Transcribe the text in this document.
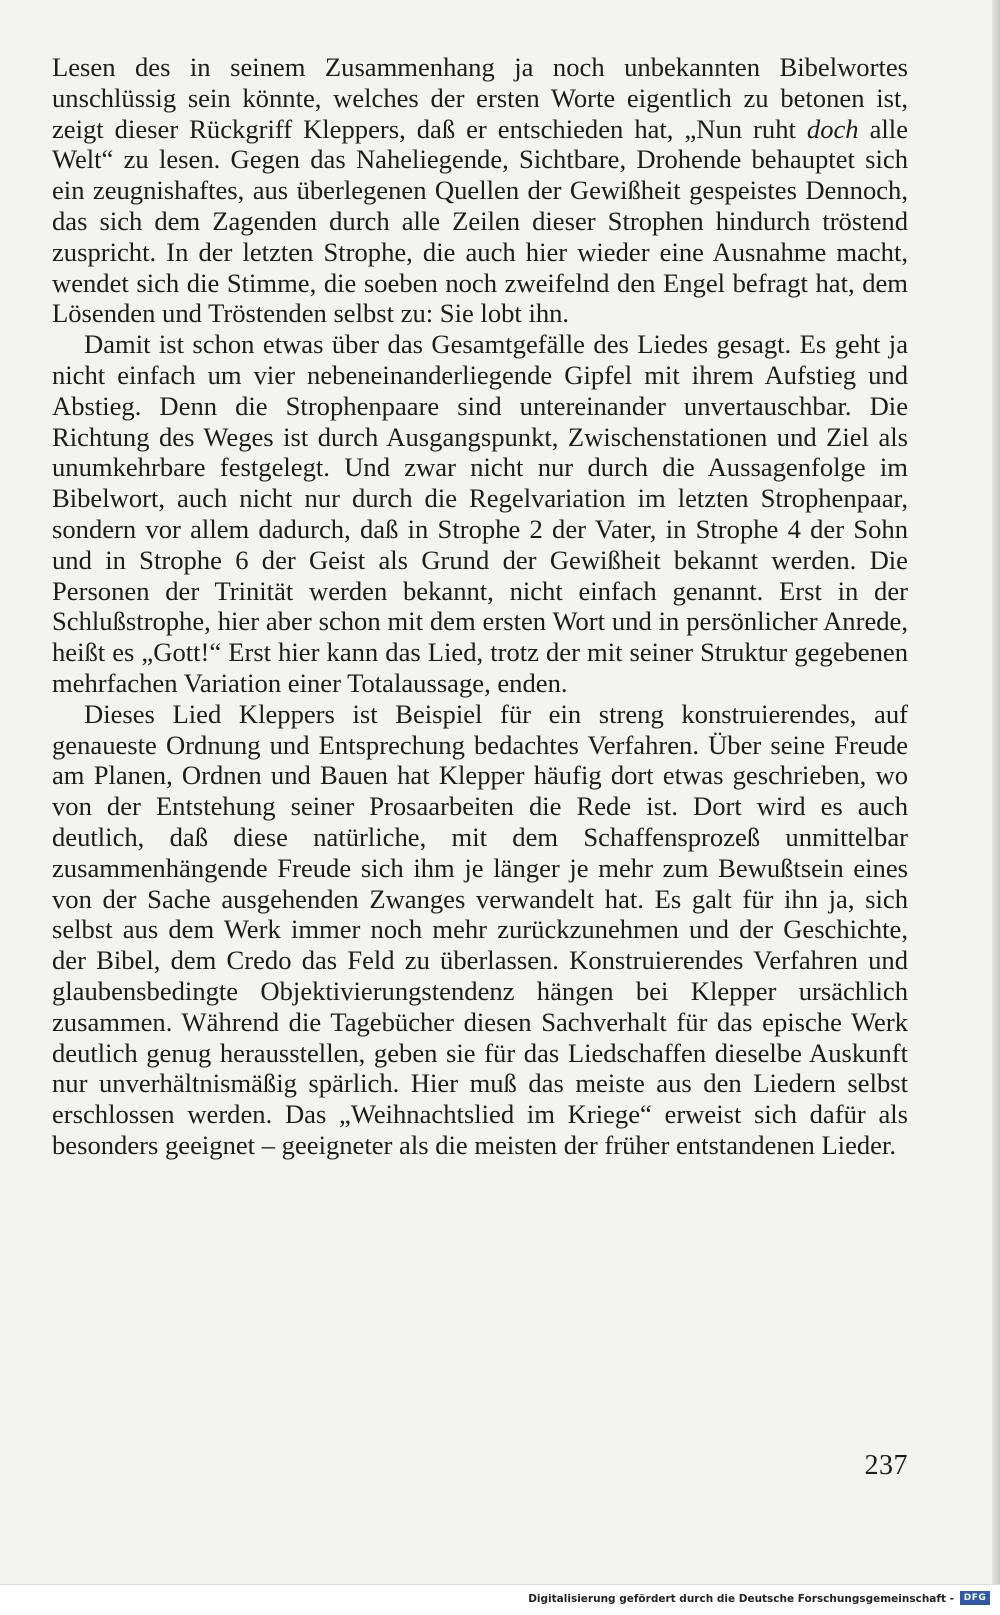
Lesen des in seinem Zusammenhang ja noch unbekannten Bibelwortes unschlüssig sein könnte, welches der ersten Worte eigentlich zu betonen ist, zeigt dieser Rückgriff Kleppers, daß er entschieden hat, „Nun ruht doch alle Welt“ zu lesen. Gegen das Naheliegende, Sichtbare, Drohende behauptet sich ein zeugnishaftes, aus überlegenen Quellen der Gewißheit gespeistes Dennoch, das sich dem Zagenden durch alle Zeilen dieser Strophen hindurch tröstend zuspricht. In der letzten Strophe, die auch hier wieder eine Ausnahme macht, wendet sich die Stimme, die soeben noch zweifelnd den Engel befragt hat, dem Lösenden und Tröstenden selbst zu: Sie lobt ihn.

Damit ist schon etwas über das Gesamtgefälle des Liedes gesagt. Es geht ja nicht einfach um vier nebeneinanderliegende Gipfel mit ihrem Aufstieg und Abstieg. Denn die Strophenpaare sind untereinander unvertauschbar. Die Richtung des Weges ist durch Ausgangspunkt, Zwischenstationen und Ziel als unumkehrbare festgelegt. Und zwar nicht nur durch die Aussagenfolge im Bibelwort, auch nicht nur durch die Regelvariation im letzten Strophenpaar, sondern vor allem dadurch, daß in Strophe 2 der Vater, in Strophe 4 der Sohn und in Strophe 6 der Geist als Grund der Gewißheit bekannt werden. Die Personen der Trinität werden bekannt, nicht einfach genannt. Erst in der Schlußstrophe, hier aber schon mit dem ersten Wort und in persönlicher Anrede, heißt es „Gott!“ Erst hier kann das Lied, trotz der mit seiner Struktur gegebenen mehrfachen Variation einer Totalaussage, enden.

Dieses Lied Kleppers ist Beispiel für ein streng konstruierendes, auf genaueste Ordnung und Entsprechung bedachtes Verfahren. Über seine Freude am Planen, Ordnen und Bauen hat Klepper häufig dort etwas geschrieben, wo von der Entstehung seiner Prosaarbeiten die Rede ist. Dort wird es auch deutlich, daß diese natürliche, mit dem Schaffensprozeß unmittelbar zusammenhängende Freude sich ihm je länger je mehr zum Bewußtsein eines von der Sache ausgehenden Zwanges verwandelt hat. Es galt für ihn ja, sich selbst aus dem Werk immer noch mehr zurückzunehmen und der Geschichte, der Bibel, dem Credo das Feld zu überlassen. Konstruierendes Verfahren und glaubensbedingte Objektivierungstendenz hängen bei Klepper ursächlich zusammen. Während die Tagebücher diesen Sachverhalt für das epische Werk deutlich genug herausstellen, geben sie für das Liedschaffen dieselbe Auskunft nur unverhältnismäßig spärlich. Hier muß das meiste aus den Liedern selbst erschlossen werden. Das „Weihnachtslied im Kriege“ erweist sich dafür als besonders geeignet – geeigneter als die meisten der früher entstandenen Lieder.

237
Digitalisierung gefördert durch die Deutsche Forschungsgemeinschaft -	DFG
